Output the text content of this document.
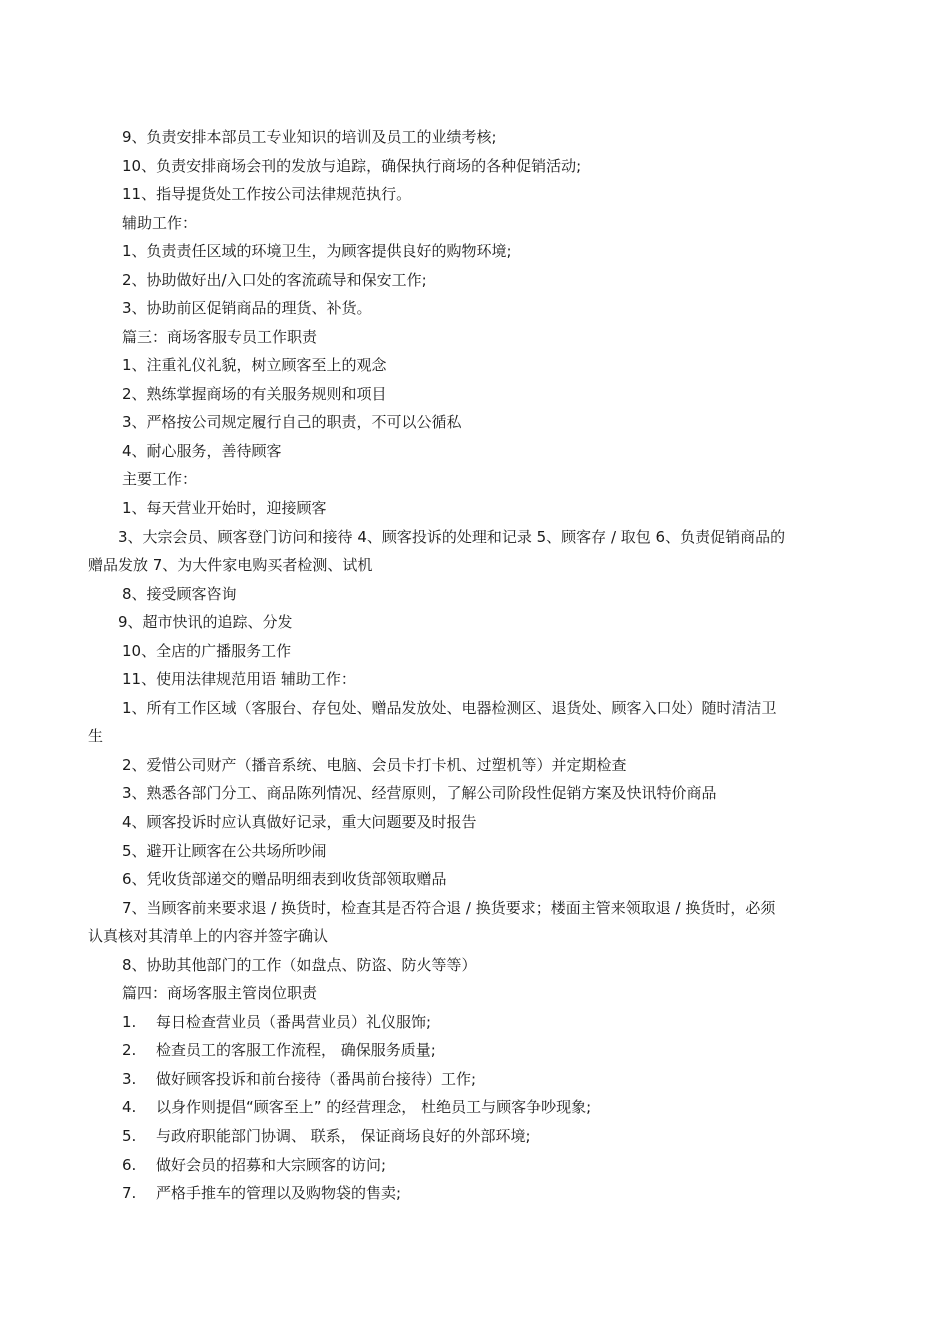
9、负责安排本部员工专业知识的培训及员工的业绩考核;
10、负责安排商场会刊的发放与追踪，确保执行商场的各种促销活动;
11、指导提货处工作按公司法律规范执行。
辅助工作：
1、负责责任区域的环境卫生，为顾客提供良好的购物环境;
2、协助做好出/入口处的客流疏导和保安工作;
3、协助前区促销商品的理货、补货。
篇三：商场客服专员工作职责
1、注重礼仪礼貌，树立顾客至上的观念
2、熟练掌握商场的有关服务规则和项目
3、严格按公司规定履行自己的职责，不可以公循私
4、耐心服务，善待顾客
主要工作：
1、每天营业开始时，迎接顾客
3、大宗会员、顾客登门访问和接待 4、顾客投诉的处理和记录 5、顾客存 / 取包 6、负责促销商品的
赠品发放 7、为大件家电购买者检测、试机
8、接受顾客咨询
9、超市快讯的追踪、分发
10、全店的广播服务工作
11、使用法律规范用语 辅助工作：
1、所有工作区域（客服台、存包处、赠品发放处、电器检测区、退货处、顾客入口处）随时清洁卫
生
2、爱惜公司财产（播音系统、电脑、会员卡打卡机、过塑机等）并定期检查
3、熟悉各部门分工、商品陈列情况、经营原则，了解公司阶段性促销方案及快讯特价商品
4、顾客投诉时应认真做好记录，重大问题要及时报告
5、避开让顾客在公共场所吵闹
6、凭收货部递交的赠品明细表到收货部领取赠品
7、当顾客前来要求退 / 换货时，检查其是否符合退 / 换货要求；楼面主管来领取退 / 换货时，必须
认真核对其清单上的内容并签字确认
8、协助其他部门的工作（如盘点、防盗、防火等等）
篇四：商场客服主管岗位职责
1. 每日检查营业员（番禺营业员）礼仪服饰;
2. 检查员工的客服工作流程， 确保服务质量;
3. 做好顾客投诉和前台接待（番禺前台接待）工作;
4. 以身作则提倡“顾客至上” 的经营理念， 杜绝员工与顾客争吵现象;
5. 与政府职能部门协调、 联系， 保证商场良好的外部环境;
6. 做好会员的招募和大宗顾客的访问;
7. 严格手推车的管理以及购物袋的售卖;
